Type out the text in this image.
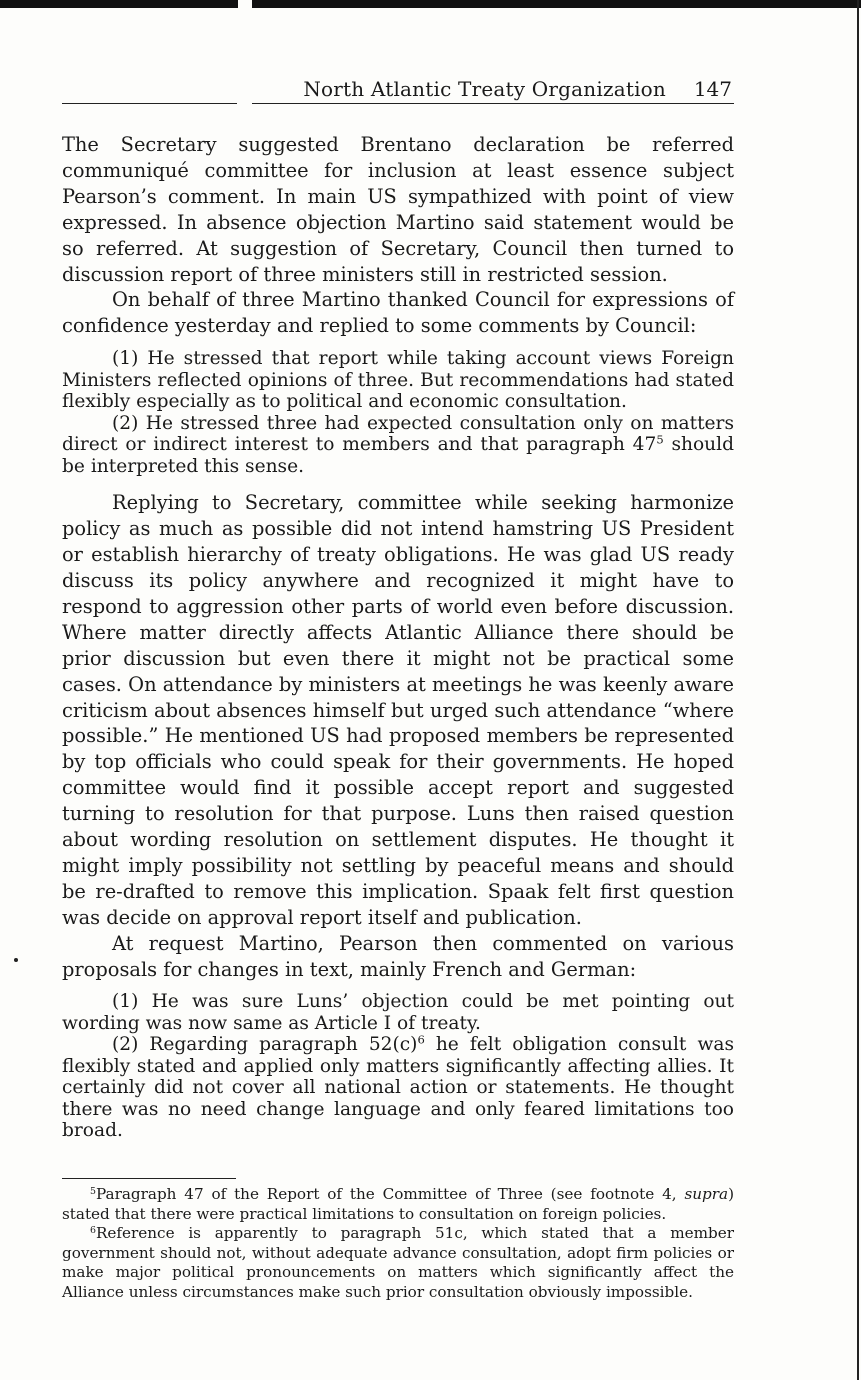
North Atlantic Treaty Organization 147

The Secretary suggested Brentano declaration be referred communiqué committee for inclusion at least essence subject Pearson’s comment. In main US sympathized with point of view expressed. In absence objection Martino said statement would be so referred. At suggestion of Secretary, Council then turned to discussion report of three ministers still in restricted session.

On behalf of three Martino thanked Council for expressions of confidence yesterday and replied to some comments by Council:

(1) He stressed that report while taking account views Foreign Ministers reflected opinions of three. But recommendations had stated flexibly especially as to political and economic consultation.

(2) He stressed three had expected consultation only on matters direct or indirect interest to members and that paragraph $47^5$ should be interpreted this sense.

Replying to Secretary, committee while seeking harmonize policy as much as possible did not intend hamstring US President or establish hierarchy of treaty obligations. He was glad US ready discuss its policy anywhere and recognized it might have to respond to aggression other parts of world even before discussion. Where matter directly affects Atlantic Alliance there should be prior discussion but even there it might not be practical some cases. On attendance by ministers at meetings he was keenly aware criticism about absences himself but urged such attendance “where possible.” He mentioned US had proposed members be represented by top officials who could speak for their governments. He hoped committee would find it possible accept report and suggested turning to resolution for that purpose. Luns then raised question about wording resolution on settlement disputes. He thought it might imply possibility not settling by peaceful means and should be re-drafted to remove this implication. Spaak felt first question was decide on approval report itself and publication.

At request Martino, Pearson then commented on various proposals for changes in text, mainly French and German:

(1) He was sure Luns’ objection could be met pointing out wording was now same as Article I of treaty.

(2) Regarding paragraph $52(c)^6$ he felt obligation consult was flexibly stated and applied only matters significantly affecting allies. It certainly did not cover all national action or statements. He thought there was no need change language and only feared limitations too broad.

$^5$Paragraph 47 of the Report of the Committee of Three (see footnote 4, supra) stated that there were practical limitations to consultation on foreign policies.

$^6$Reference is apparently to paragraph 51c, which stated that a member government should not, without adequate advance consultation, adopt firm policies or make major political pronouncements on matters which significantly affect the Alliance unless circumstances make such prior consultation obviously impossible.
